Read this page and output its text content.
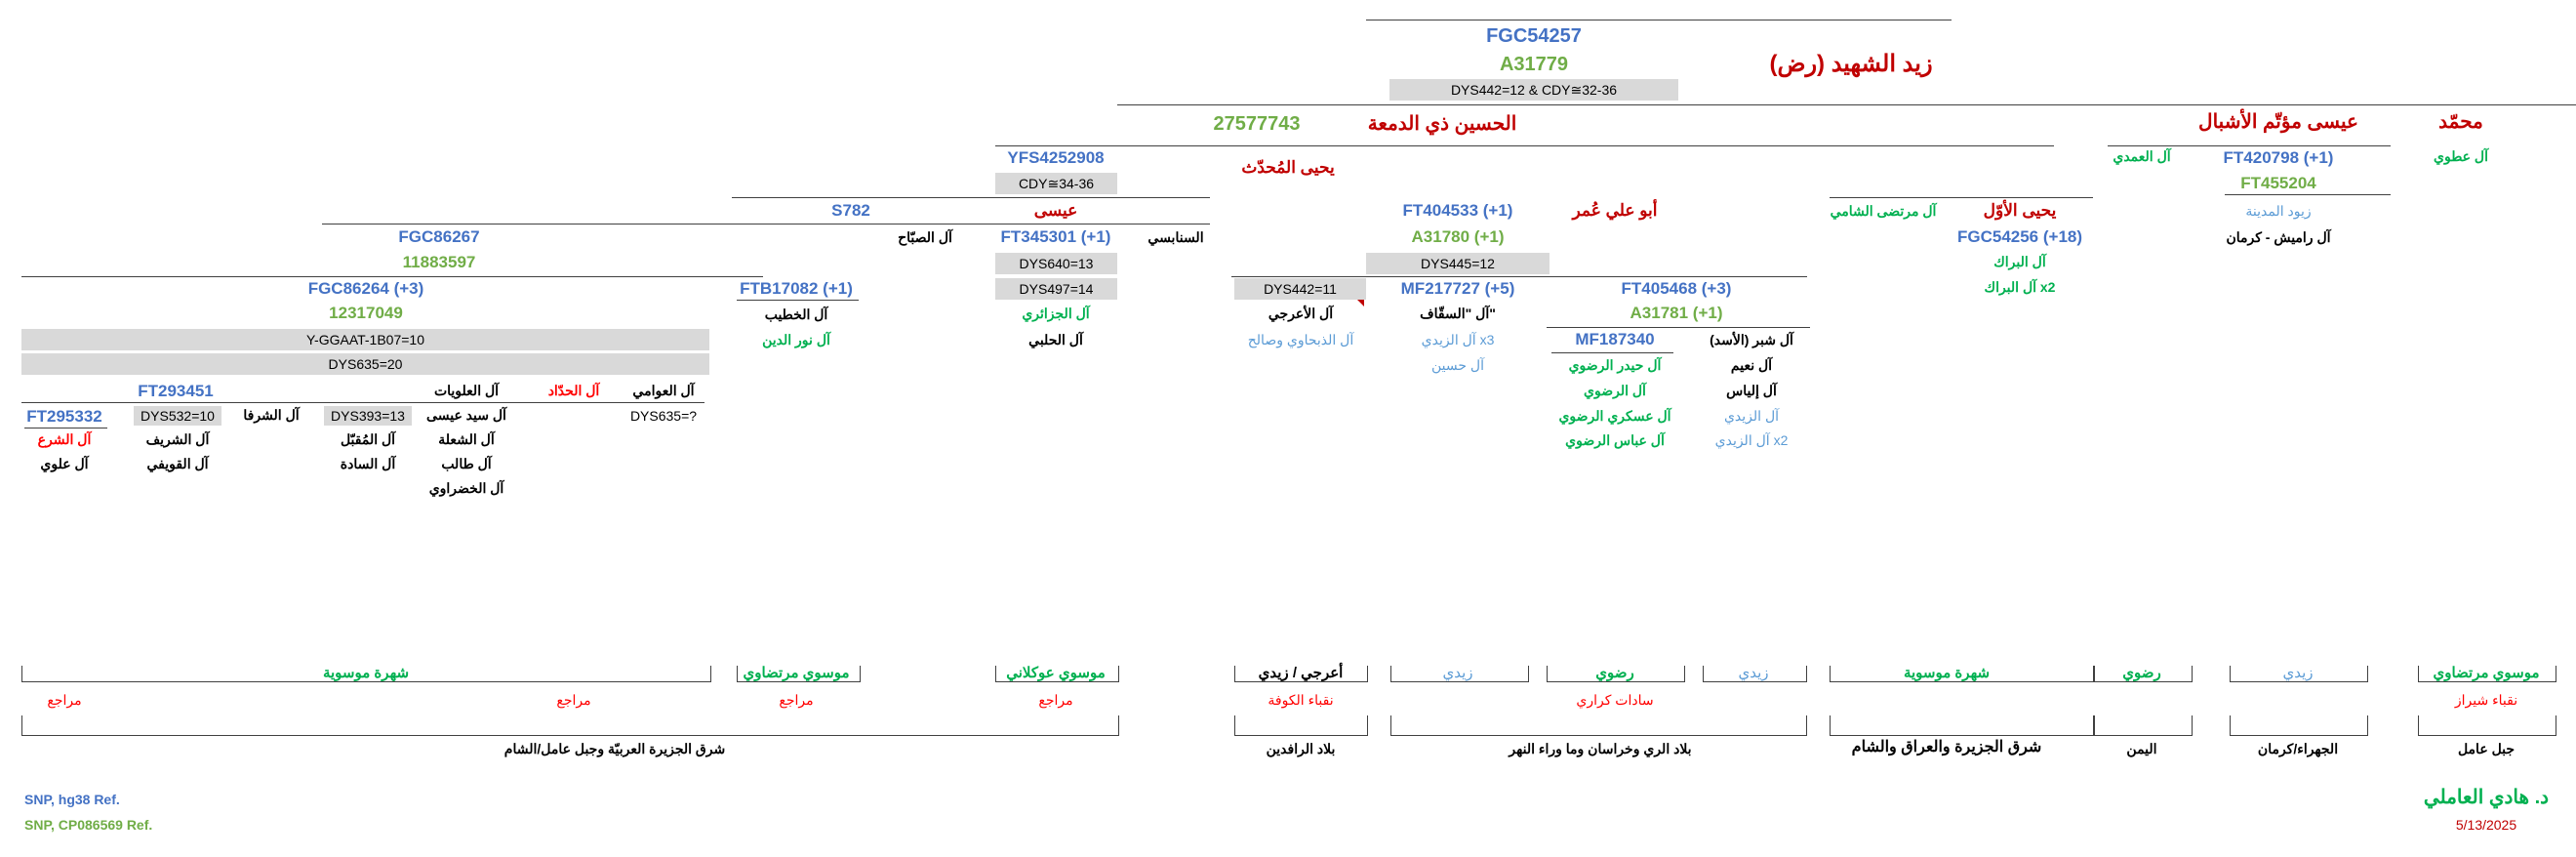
FGC54257
A31779
DYS442=12 & CDY≅32-36
زيد الشهيد (رض)
27577743	الحسين ذي الدمعة	عيسى مؤتّم الأشبال	محمّد
YFS4252908
CDY≅34-36
يحيى المُحدّث
S782	عيسى
آل الصبّاح
FGC86267
11883597
FGC86264 (+3)
12317049
Y-GGAAT-1B07=10
DYS635=20
FT293451
FT295332
آل الشرع
آل علوي
DYS532=10
آل الشريف
آل القويفي
آل الشرفا	DYS393=13
آل المُقبّل
آل السادة
آل العلويات
آل سيد عيسى
آل الشعلة
آل طالب
آل الخضراوي
آل الحدّاد آل العوامي
DYS635=?
FTB17082 (+1)
آل الخطيب
آل نور الدين
FT345301 (+1)
DYS640=13
DYS497=14
آل الجزائري
آل الحلبي
السنابسي
DYS442=11
آل الأعرجي
آل الذبحاوي وصالح
أبو علي عُمر
FT404533 (+1)
A31780 (+1)
DYS445=12
MF217727 (+5)
آل "السقّاف"
آل الزيدي x3
آل حسين
FT405468 (+3)
A31781 (+1)
MF187340
آل حيدر الرضوي
آل الرضوي
آل عسكري الرضوي
آل عباس الرضوي
آل شبر (الأسد)
آل نعيم
آل إلياس
آل الزيدي
آل الزيدي x2
آل مرتضى الشامي	يحيى الأوّل
FGC54256 (+18)
آل البراك
آل البراك x2
آل العمدي	FT420798 (+1)
FT455204
زيود المدينة
آل راميش - كرمان
آل عطوي
شهرة موسوية	موسوي مرتضاوي	موسوي عوكلاني	أعرجي / زيدي	زيدي	رضوي	زيدي	شهرة موسوية	رضوي	زيدي	موسوي مرتضاوي
مراجع	مراجع	مراجع	مراجع	نقباء الكوفة	سادات كراري	نقباء شيراز
شرق الجزيرة العربيّة وجبل عامل/الشام	بلاد الرافدين	بلاد الري وخراسان وما وراء النهر	شرق الجزيرة والعراق والشام	اليمن	الجهراء/كرمان	جبل عامل
SNP, hg38 Ref.
SNP, CP086569 Ref.
د. هادي العاملي
5/13/2025
